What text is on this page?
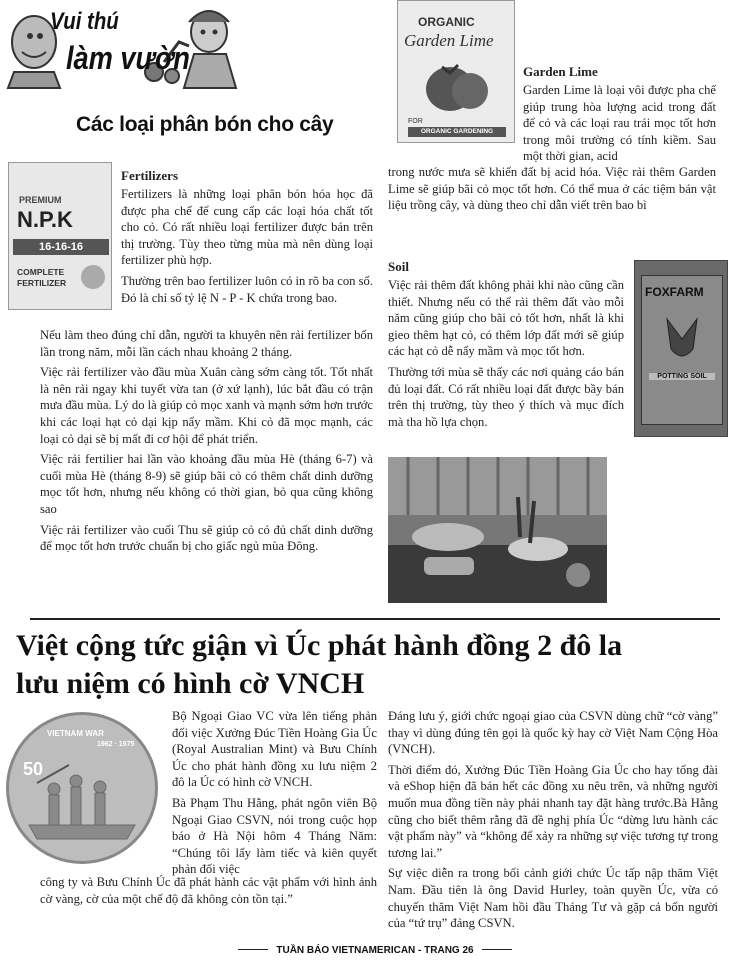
Vui thú
làm vườn
Các loại phân bón cho cây
PREMIUM
N.P.K
16-16-16
COMPLETE
FERTILIZER
Fertilizers

Fertilizers là những loại phân bón hóa học đã được pha chế để cung cấp các loại hóa chất tốt cho cỏ. Có rất nhiều loại fertilizer được bán trên thị trường. Tùy theo từng mùa mà nên dùng loại fertilizer phù hợp.

Thường trên bao fertilizer luôn có in rõ ba con số. Đó là chỉ số tỷ lệ N - P - K chứa trong bao.

Nếu làm theo đúng chỉ dẫn, người ta khuyên nên rải fertilizer bốn lần trong năm, mỗi lần cách nhau khoảng 2 tháng.

Việc rải fertilizer vào đầu mùa Xuân càng sớm càng tốt. Tốt nhất là nên rải ngay khi tuyết vừa tan (ở xứ lạnh), lúc bắt đầu có trận mưa đầu mùa. Lý do là giúp cỏ mọc xanh và mạnh sớm hơn trước khi các loại hạt cỏ dại kịp nẩy mầm. Khi cỏ đã mọc mạnh, các loại cỏ dại sẽ bị mất đi cơ hội để phát triển.

Việc rải fertilier hai lần vào khoảng đầu mùa Hè (tháng 6-7) và cuối mùa Hè (tháng 8-9) sẽ giúp bãi cỏ có thêm chất dinh dưỡng mọc tốt hơn, nhưng nếu không có thời gian, bỏ qua cũng không sao

Việc rải fertilizer vào cuối Thu sẽ giúp cỏ có đủ chất dinh dưỡng để mọc tốt hơn trước chuẩn bị cho giấc ngủ mùa Đông.

ORGANIC
Garden Lime
FOR
ORGANIC GARDENING
Garden Lime

Garden Lime là loại vôi được pha chế giúp trung hòa lượng acid trong đất để cỏ và các loại rau trái mọc tốt hơn trong môi trường có tính kiềm. Sau một thời gian, acid

trong nước mưa sẽ khiến đất bị acid hóa. Việc rải thêm Garden Lime sẽ giúp bãi cỏ mọc tốt hơn. Có thể mua ở các tiệm bán vật liệu trồng cây, và dùng theo chỉ dẫn viết trên bao bì

Soil

Việc rải thêm đất không phải khi nào cũng cần thiết. Nhưng nếu có thể rải thêm đất vào mỗi năm cũng giúp cho bãi cỏ tốt hơn, nhất là khi gieo thêm hạt cỏ, có thêm lớp đất mới sẽ giúp các hạt cỏ dễ nẩy mầm và mọc tốt hơn.

Thường tới mùa sẽ thấy các nơi quảng cáo bán đủ loại đất. Có rất nhiều loại đất được bầy bán trên thị trường, tùy theo ý thích và mục đích mà tha hồ lựa chọn.

FOXFARM
POTTING SOIL
Việt cộng tức giận vì Úc phát hành đồng 2 đô la
lưu niệm có hình cờ VNCH
VIETNAM WAR
1962 · 1975
50

Bộ Ngoại Giao VC vừa lên tiếng phản đối việc Xưởng Đúc Tiền Hoàng Gia Úc (Royal Australian Mint) và Bưu Chính Úc cho phát hành đồng xu lưu niệm 2 đô la Úc có hình cờ VNCH.

Bà Phạm Thu Hằng, phát ngôn viên Bộ Ngoại Giao CSVN, nói trong cuộc họp báo ở Hà Nội hôm 4 Tháng Năm: “Chúng tôi lấy làm tiếc và kiên quyết phản đối việc

công ty và Bưu Chính Úc đã phát hành các vật phẩm với hình ảnh cờ vàng, cờ của một chế độ đã không còn tồn tại.”

Đáng lưu ý, giới chức ngoại giao của CSVN dùng chữ “cờ vàng” thay vì dùng đúng tên gọi là quốc kỳ hay cờ Việt Nam Cộng Hòa (VNCH).

Thời điểm đó, Xưởng Đúc Tiền Hoàng Gia Úc cho hay tổng đài và eShop hiện đã bán hết các đồng xu nêu trên, và những người muốn mua đồng tiền này phải nhanh tay đặt hàng trước.Bà Hằng cũng cho biết thêm rằng đã đề nghị phía Úc “dừng lưu hành các vật phẩm này” và “không để xảy ra những sự việc tương tự trong tương lai.”

Sự việc diễn ra trong bối cảnh giới chức Úc tấp nập thăm Việt Nam. Đầu tiên là ông David Hurley, toàn quyền Úc, vừa có chuyến thăm Việt Nam hồi đầu Tháng Tư và gặp cả bốn người của “tứ trụ” đảng CSVN.

TUẦN BÁO VIETNAMERICAN - TRANG 26
